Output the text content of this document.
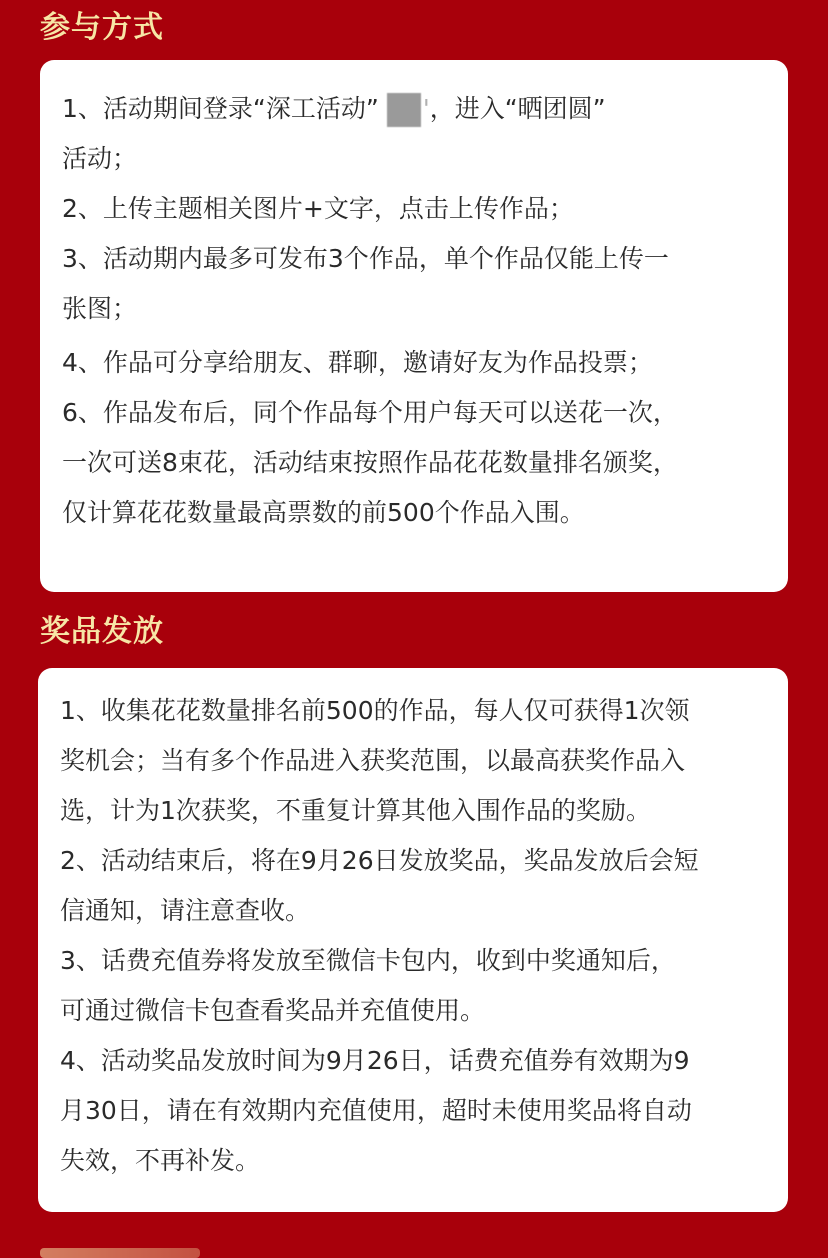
参与方式
1、活动期间登录“深工活动” '，进入“晒团圆”
活动；
2、上传主题相关图片+文字，点击上传作品；
3、活动期内最多可发布3个作品，单个作品仅能上传一
张图；
4、作品可分享给朋友、群聊，邀请好友为作品投票；
6、作品发布后，同个作品每个用户每天可以送花一次，
一次可送8束花，活动结束按照作品花花数量排名颁奖，
仅计算花花数量最高票数的前500个作品入围。
奖品发放
1、收集花花数量排名前500的作品，每人仅可获得1次领
奖机会；当有多个作品进入获奖范围，以最高获奖作品入
选，计为1次获奖，不重复计算其他入围作品的奖励。
2、活动结束后，将在9月26日发放奖品，奖品发放后会短
信通知，请注意查收。
3、话费充值券将发放至微信卡包内，收到中奖通知后，
可通过微信卡包查看奖品并充值使用。
4、活动奖品发放时间为9月26日，话费充值券有效期为9
月30日，请在有效期内充值使用，超时未使用奖品将自动
失效，不再补发。
